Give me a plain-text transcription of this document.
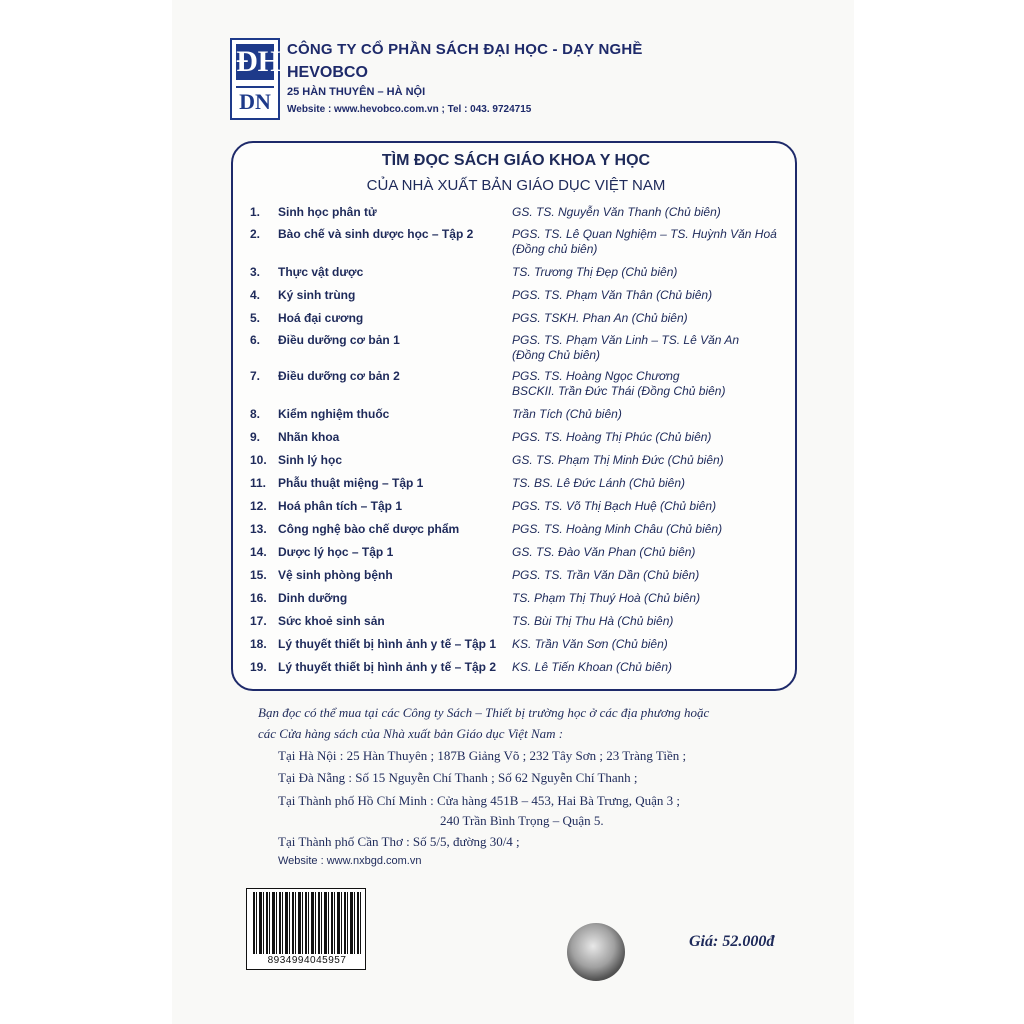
ĐH
DN
CÔNG TY CỔ PHẦN SÁCH ĐẠI HỌC - DẠY NGHỀ
HEVOBCO
25 HÀN THUYÊN – HÀ NỘI
Website : www.hevobco.com.vn ; Tel : 043. 9724715
TÌM ĐỌC SÁCH GIÁO KHOA Y HỌC
CỦA NHÀ XUẤT BẢN GIÁO DỤC VIỆT NAM
1.	Sinh học phân tử	GS. TS. Nguyễn Văn Thanh (Chủ biên)
2.	Bào chế và sinh dược học – Tập 2	PGS. TS. Lê Quan Nghiệm – TS. Huỳnh Văn Hoá
(Đồng chủ biên)
3.	Thực vật dược	TS. Trương Thị Đẹp (Chủ biên)
4.	Ký sinh trùng	PGS. TS. Phạm Văn Thân (Chủ biên)
5.	Hoá đại cương	PGS. TSKH. Phan An (Chủ biên)
6.	Điều dưỡng cơ bản 1	PGS. TS. Phạm Văn Linh – TS. Lê Văn An
(Đồng Chủ biên)
7.	Điều dưỡng cơ bản 2	PGS. TS. Hoàng Ngọc Chương
BSCKII. Trần Đức Thái (Đồng Chủ biên)
8.	Kiểm nghiệm thuốc	Trần Tích (Chủ biên)
9.	Nhãn khoa	PGS. TS. Hoàng Thị Phúc (Chủ biên)
10. Sinh lý học	GS. TS. Phạm Thị Minh Đức (Chủ biên)
11. Phẫu thuật miệng – Tập 1	TS. BS. Lê Đức Lánh (Chủ biên)
12. Hoá phân tích – Tập 1	PGS. TS. Võ Thị Bạch Huệ (Chủ biên)
13. Công nghệ bào chế dược phẩm	PGS. TS. Hoàng Minh Châu (Chủ biên)
14. Dược lý học – Tập 1	GS. TS. Đào Văn Phan (Chủ biên)
15. Vệ sinh phòng bệnh	PGS. TS. Trần Văn Dần (Chủ biên)
16. Dinh dưỡng	TS. Phạm Thị Thuý Hoà (Chủ biên)
17. Sức khoẻ sinh sản	TS. Bùi Thị Thu Hà (Chủ biên)
18. Lý thuyết thiết bị hình ảnh y tế – Tập 1 KS. Trần Văn Sơn (Chủ biên)
19. Lý thuyết thiết bị hình ảnh y tế – Tập 2 KS. Lê Tiến Khoan (Chủ biên)
Bạn đọc có thể mua tại các Công ty Sách – Thiết bị trường học ở các địa phương hoặc
các Cửa hàng sách của Nhà xuất bản Giáo dục Việt Nam :
Tại Hà Nội : 25 Hàn Thuyên ; 187B Giảng Võ ; 232 Tây Sơn ; 23 Tràng Tiền ;
Tại Đà Nẵng : Số 15 Nguyễn Chí Thanh ; Số 62 Nguyễn Chí Thanh ;
Tại Thành phố Hồ Chí Minh : Cửa hàng 451B – 453, Hai Bà Trưng, Quận 3 ;
240 Trần Bình Trọng – Quận 5.
Tại Thành phố Cần Thơ : Số 5/5, đường 30/4 ;
Website : www.nxbgd.com.vn
8934994045957
Giá: 52.000đ
